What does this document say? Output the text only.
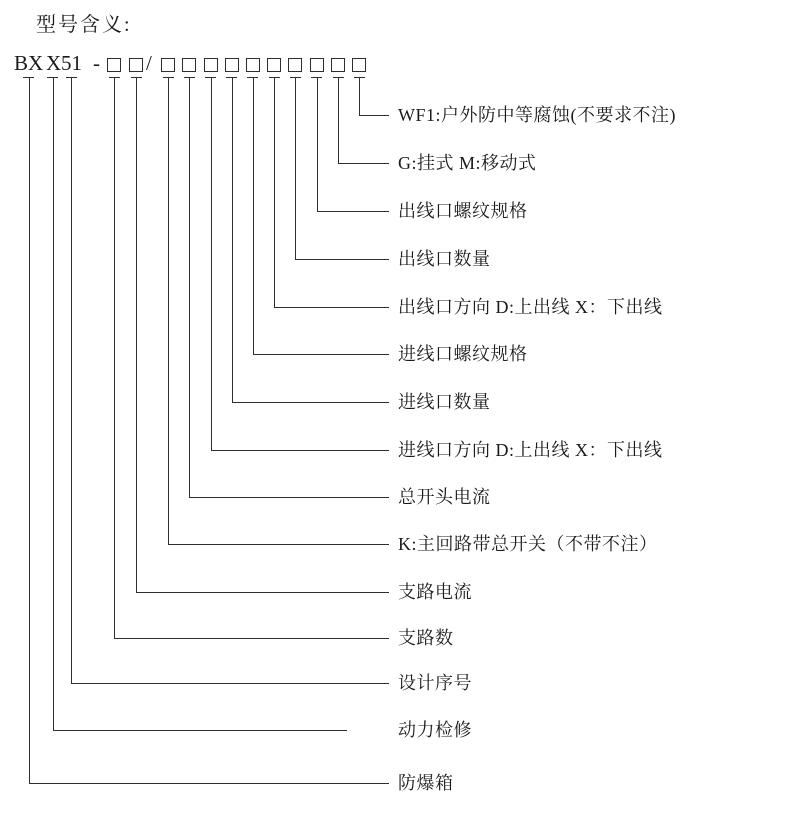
型号含义:
BX X 51 - /
WF1:户外防中等腐蚀(不要求不注)
G:挂式 M:移动式
出线口螺纹规格
出线口数量
出线口方向 D:上出线 X：下出线
进线口螺纹规格
进线口数量
进线口方向 D:上出线 X：下出线
总开头电流
K:主回路带总开关（不带不注）
支路电流
支路数
设计序号
动力检修
防爆箱
